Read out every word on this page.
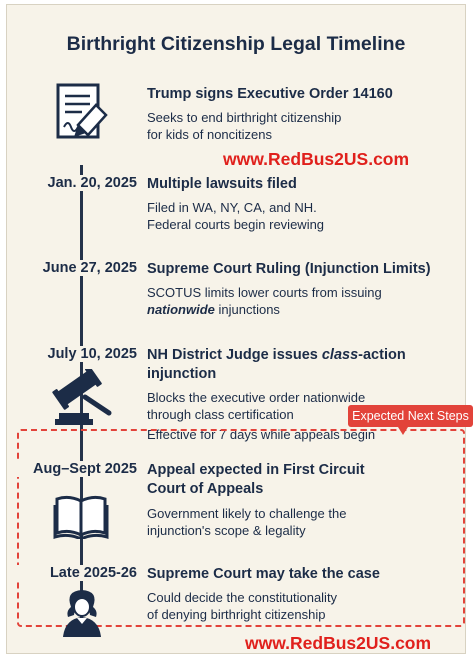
Birthright Citizenship Legal Timeline
Trump signs Executive Order 14160
Seeks to end birthright citizenship
for kids of noncitizens
www.RedBus2US.com
Jan. 20, 2025 Multiple lawsuits filed
Filed in WA, NY, CA, and NH.
Federal courts begin reviewing
June 27, 2025 Supreme Court Ruling (Injunction Limits)
SCOTUS limits lower courts from issuing
nationwide injunctions
July 10, 2025 NH District Judge issues class-action
injunction
Blocks the executive order nationwide
through class certification
Effective for 7 days while appeals begin
Expected Next Steps
Aug–Sept 2025 Appeal expected in First Circuit
Court of Appeals
Government likely to challenge the
injunction's scope & legality
Late 2025-26 Supreme Court may take the case
Could decide the constitutionality
of denying birthright citizenship
www.RedBus2US.com
